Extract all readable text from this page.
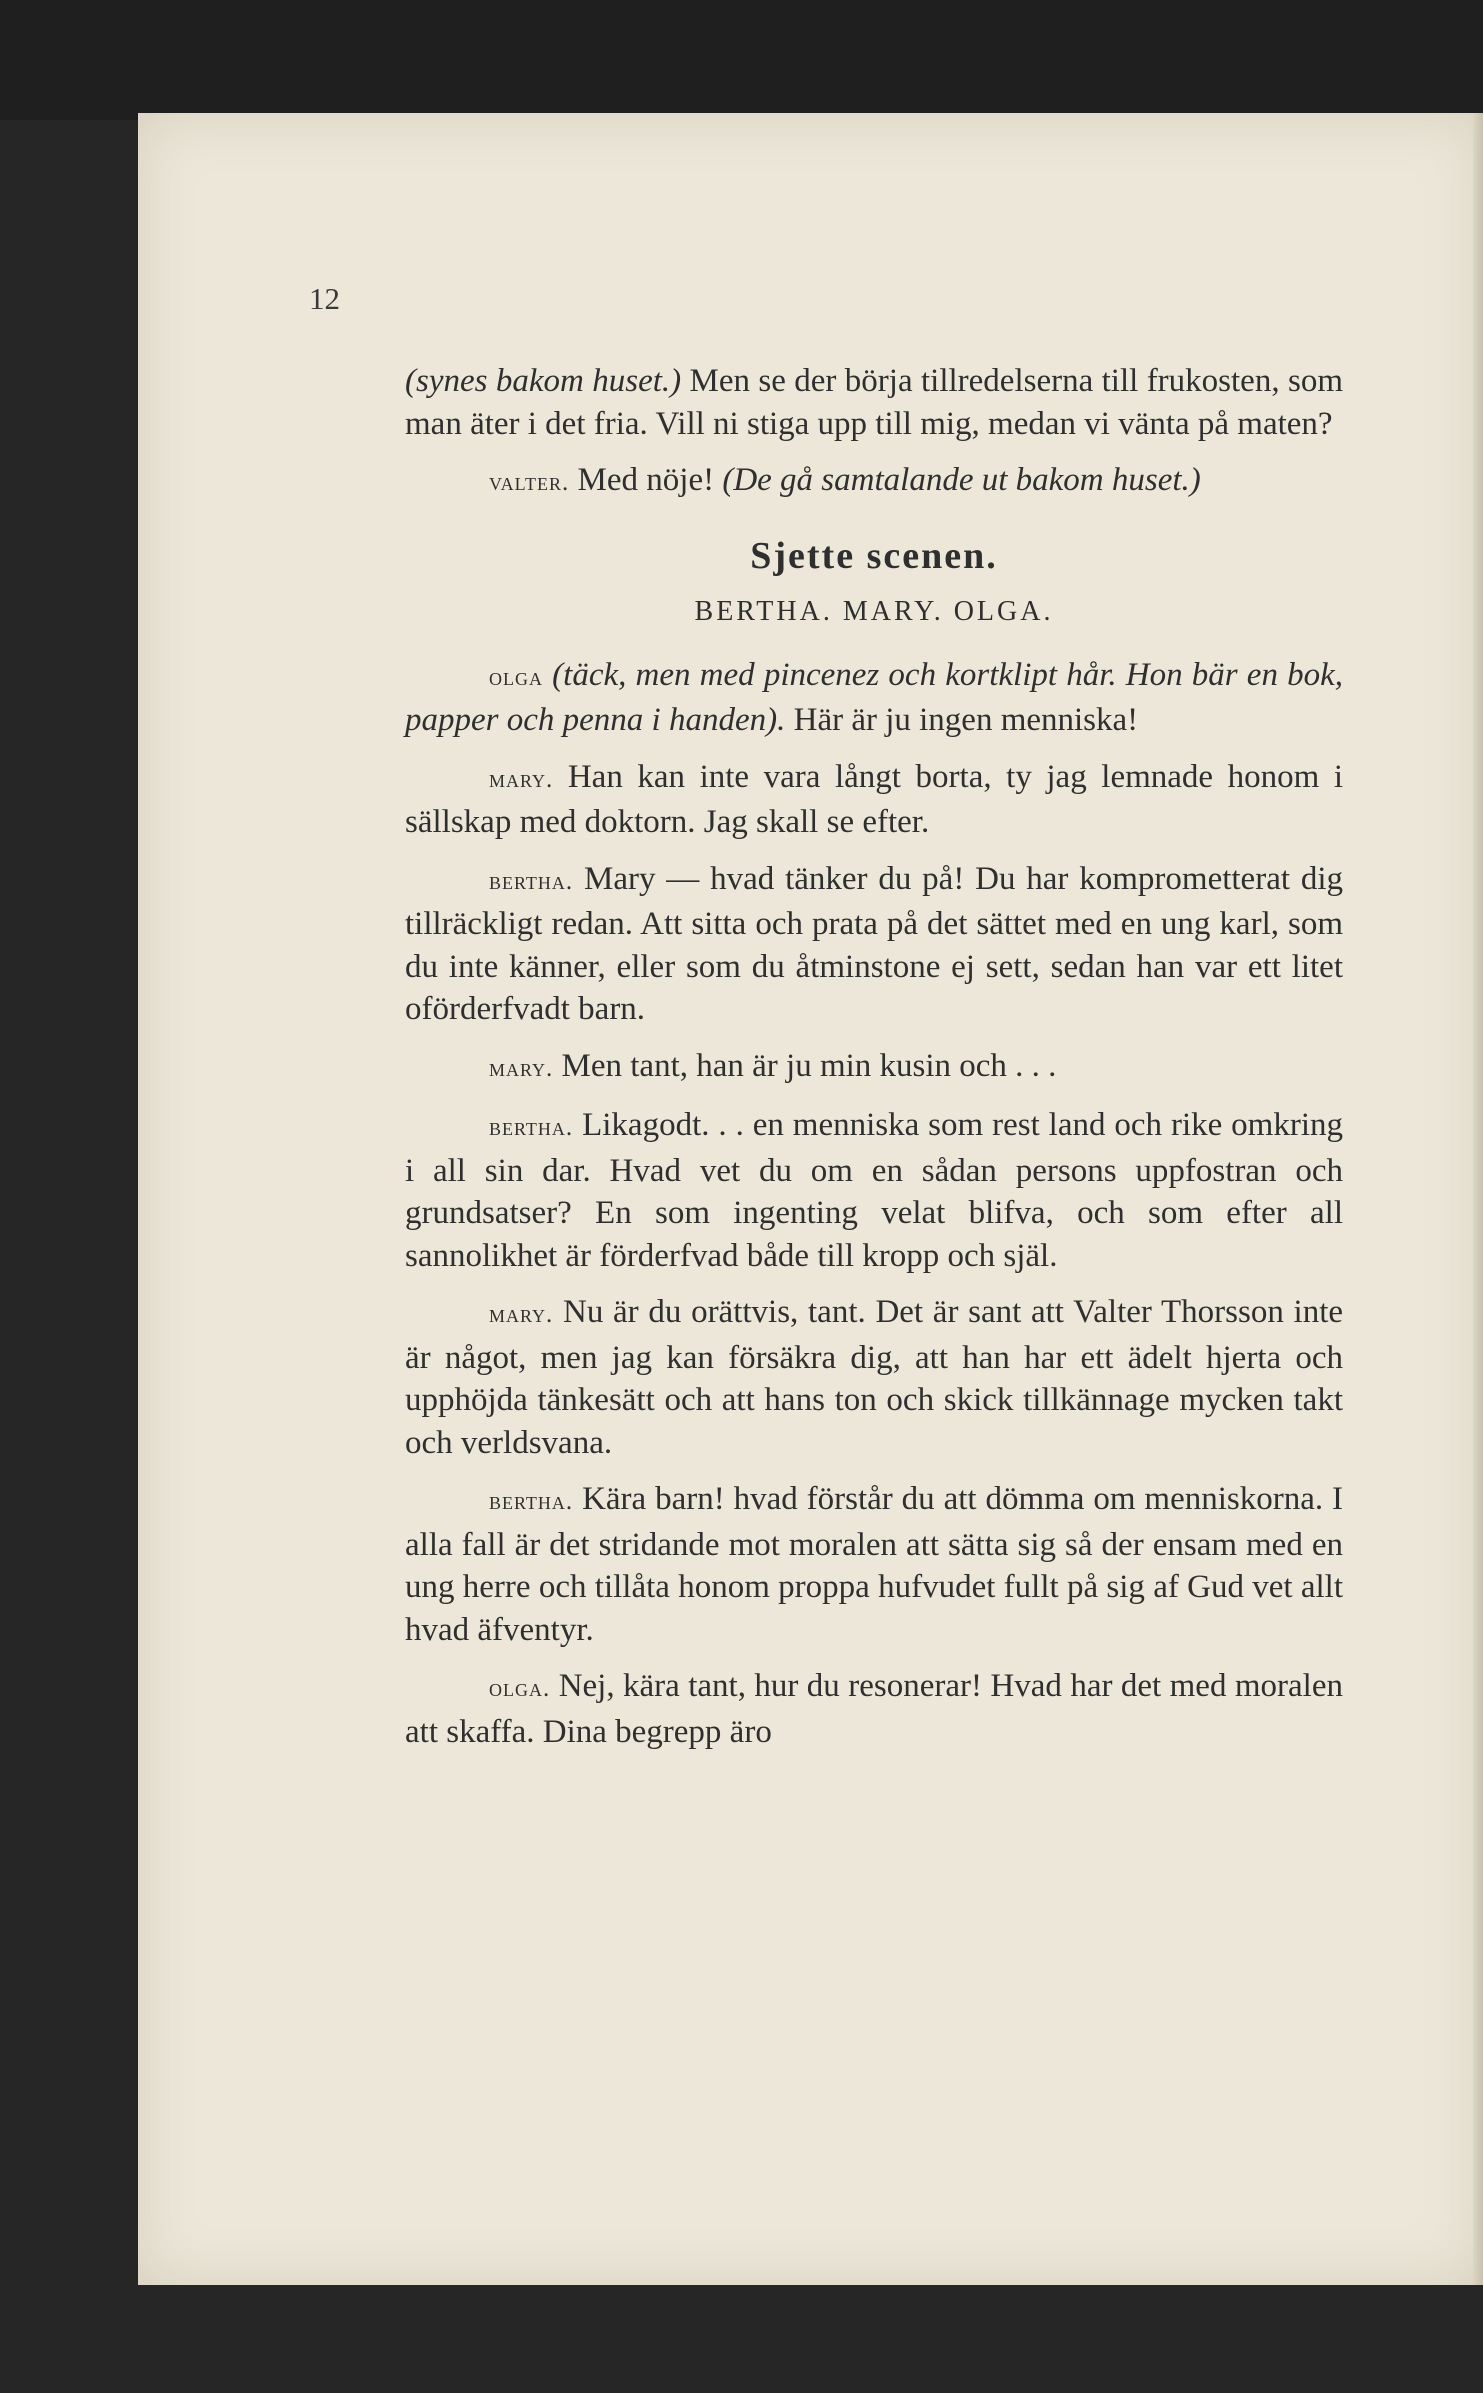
12

(synes bakom huset.) Men se der börja tillredelserna till frukosten, som man äter i det fria. Vill ni stiga upp till mig, medan vi vänta på maten?

valter. Med nöje! (De gå samtalande ut bakom huset.)

Sjette scenen.
BERTHA. MARY. OLGA.

olga (täck, men med pincenez och kortklipt hår. Hon bär en bok, papper och penna i handen). Här är ju ingen menniska!

mary. Han kan inte vara långt borta, ty jag lemnade honom i sällskap med doktorn. Jag skall se efter.

bertha. Mary — hvad tänker du på! Du har komprometterat dig tillräckligt redan. Att sitta och prata på det sättet med en ung karl, som du inte känner, eller som du åtminstone ej sett, sedan han var ett litet oförderfvadt barn.

mary. Men tant, han är ju min kusin och . . .

bertha. Likagodt. . . en menniska som rest land och rike omkring i all sin dar. Hvad vet du om en sådan persons uppfostran och grundsatser? En som ingenting velat blifva, och som efter all sannolikhet är förderfvad både till kropp och själ.

mary. Nu är du orättvis, tant. Det är sant att Valter Thorsson inte är något, men jag kan försäkra dig, att han har ett ädelt hjerta och upphöjda tänkesätt och att hans ton och skick tillkännage mycken takt och verldsvana.

bertha. Kära barn! hvad förstår du att dömma om menniskorna. I alla fall är det stridande mot moralen att sätta sig så der ensam med en ung herre och tillåta honom proppa hufvudet fullt på sig af Gud vet allt hvad äfventyr.

olga. Nej, kära tant, hur du resonerar! Hvad har det med moralen att skaffa. Dina begrepp äro
